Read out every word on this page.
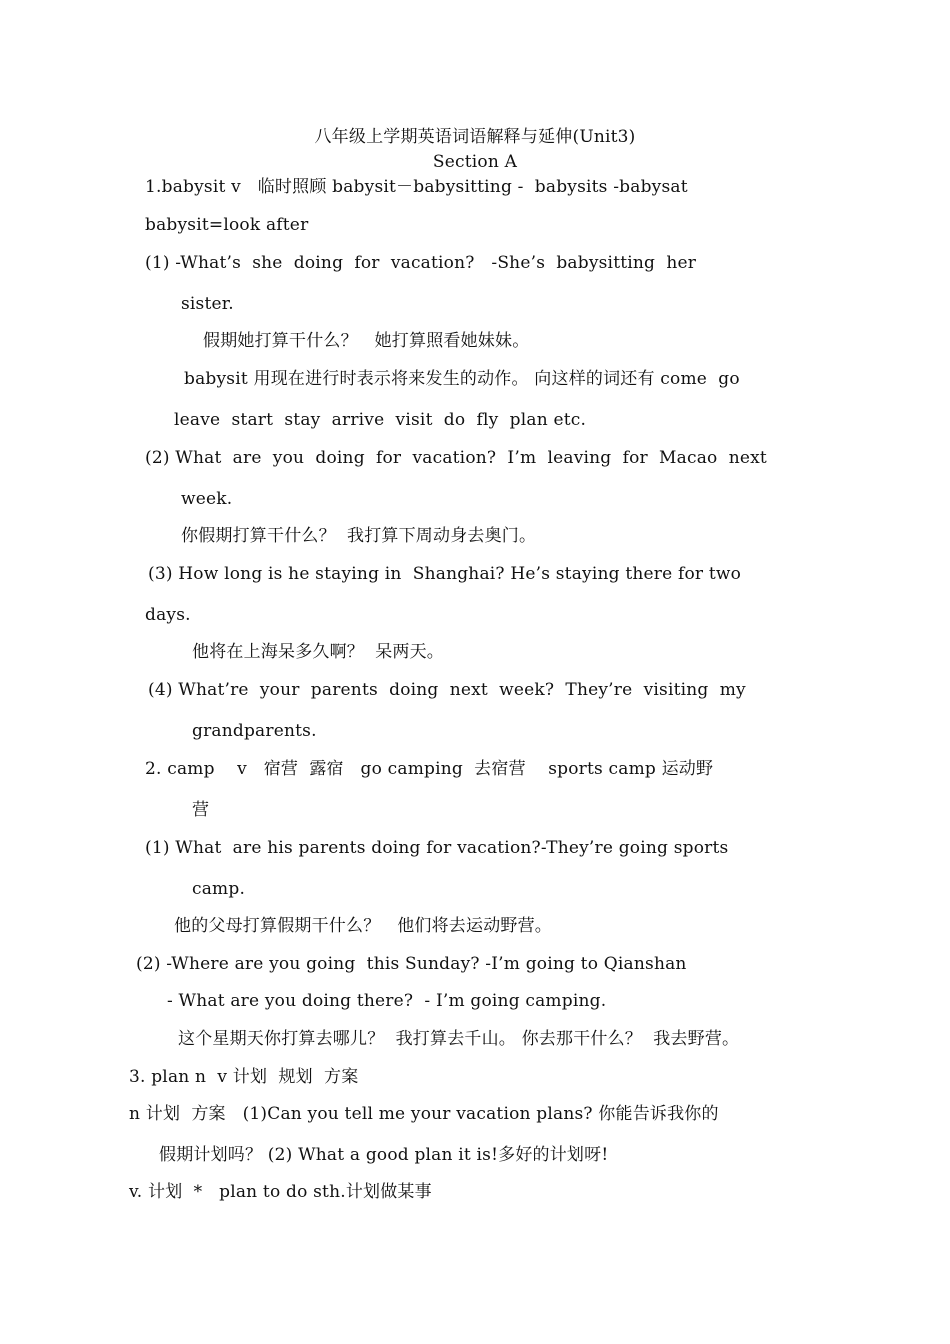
八年级上学期英语词语解释与延伸(Unit3)
Section A
1.babysit v   临时照顾 babysit－babysitting -  babysits -babysat
babysit=look after
(1) -What’s  she  doing  for  vacation?   -She’s  babysitting  her
sister.
假期她打算干什么？   她打算照看她妹妹。
babysit 用现在进行时表示将来发生的动作。 向这样的词还有 come  go
leave  start  stay  arrive  visit  do  fly  plan etc.
(2) What  are  you  doing  for  vacation?  I’m  leaving  for  Macao  next
week.
你假期打算干什么？  我打算下周动身去奥门。
(3) How long is he staying in  Shanghai? He’s staying there for two
days.
他将在上海呆多久啊？  呆两天。
(4) What’re  your  parents  doing  next  week?  They’re  visiting  my
grandparents.
2. camp    v   宿营  露宿   go camping  去宿营    sports camp 运动野
营
(1) What  are his parents doing for vacation?-They’re going sports
camp.
他的父母打算假期干什么？   他们将去运动野营。
(2) -Where are you going  this Sunday? -I’m going to Qianshan
- What are you doing there?  - I’m going camping.
这个星期天你打算去哪儿？  我打算去千山。 你去那干什么？  我去野营。
3. plan n  v 计划  规划  方案
n 计划  方案   (1)Can you tell me your vacation plans? 你能告诉我你的
假期计划吗？ (2) What a good plan it is!多好的计划呀!
v. 计划  *   plan to do sth.计划做某事
